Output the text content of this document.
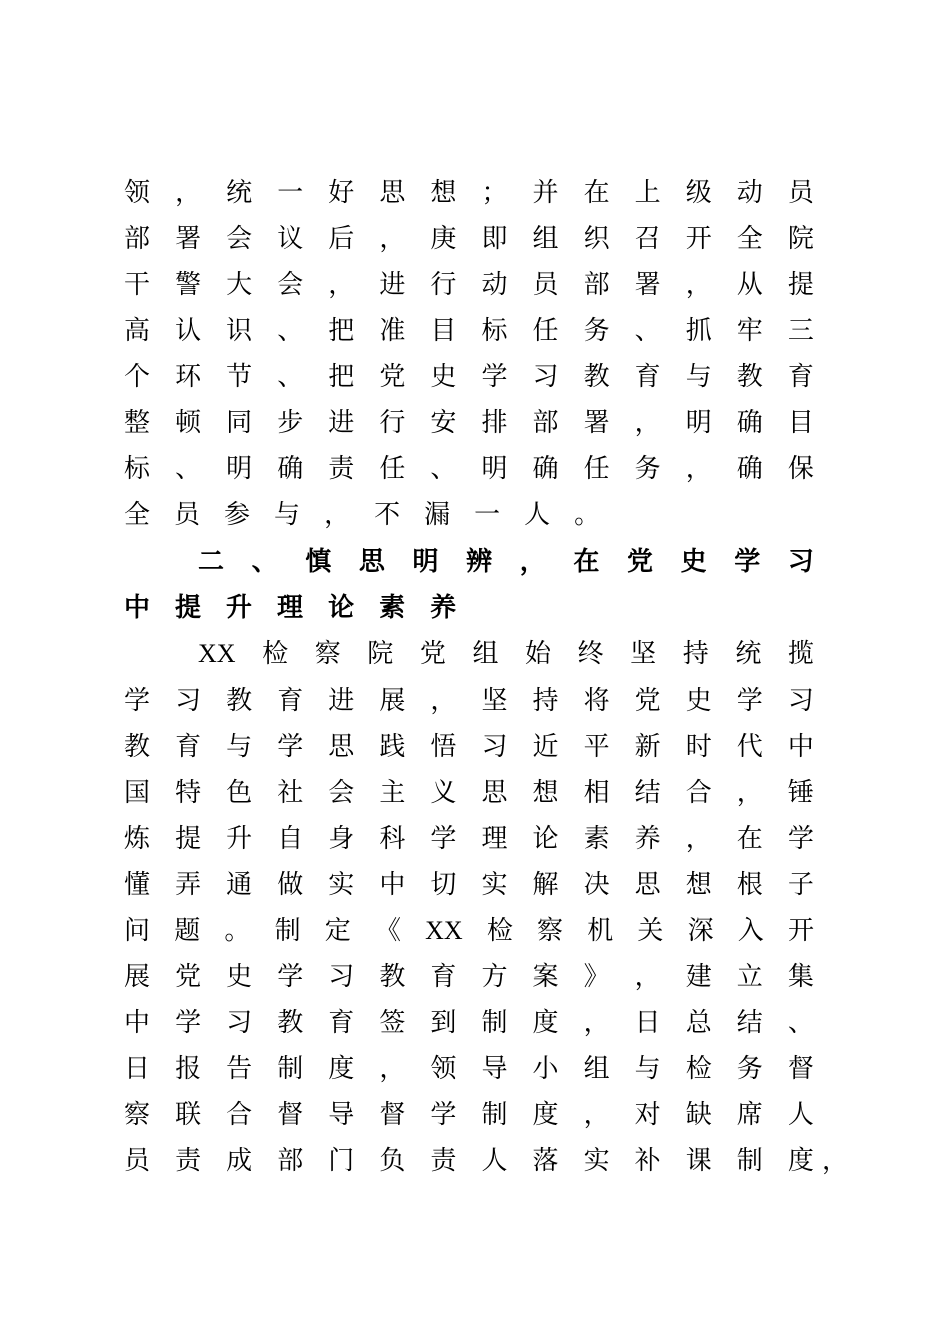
领 ， 统 一 好 思 想 ； 并 在 上 级 动 员
部 署 会 议 后 ， 庚 即 组 织 召 开 全 院
干 警 大 会 ， 进 行 动 员 部 署 ， 从 提
高 认 识 、 把 准 目 标 任 务 、 抓 牢 三
个 环 节 、 把 党 史 学 习 教 育 与 教 育
整 顿 同 步 进 行 安 排 部 署 ， 明 确 目
标 、 明 确 责 任 、 明 确 任 务 ， 确 保
全 员 参 与 ， 不 漏 一 人 。
二 、 慎 思 明 辨 ， 在 党 史 学 习
中 提 升 理 论 素 养
XX 检 察 院 党 组 始 终 坚 持 统 揽
学 习 教 育 进 展 ， 坚 持 将 党 史 学 习
教 育 与 学 思 践 悟 习 近 平 新 时 代 中
国 特 色 社 会 主 义 思 想 相 结 合 ， 锤
炼 提 升 自 身 科 学 理 论 素 养 ， 在 学
懂 弄 通 做 实 中 切 实 解 决 思 想 根 子
问 题 。 制 定 《 XX 检 察 机 关 深 入 开
展 党 史 学 习 教 育 方 案 》 ， 建 立 集
中 学 习 教 育 签 到 制 度 ， 日 总 结 、
日 报 告 制 度 ， 领 导 小 组 与 检 务 督
察 联 合 督 导 督 学 制 度 ， 对 缺 席 人
员 责 成 部 门 负 责 人 落 实 补 课 制 度 ，
